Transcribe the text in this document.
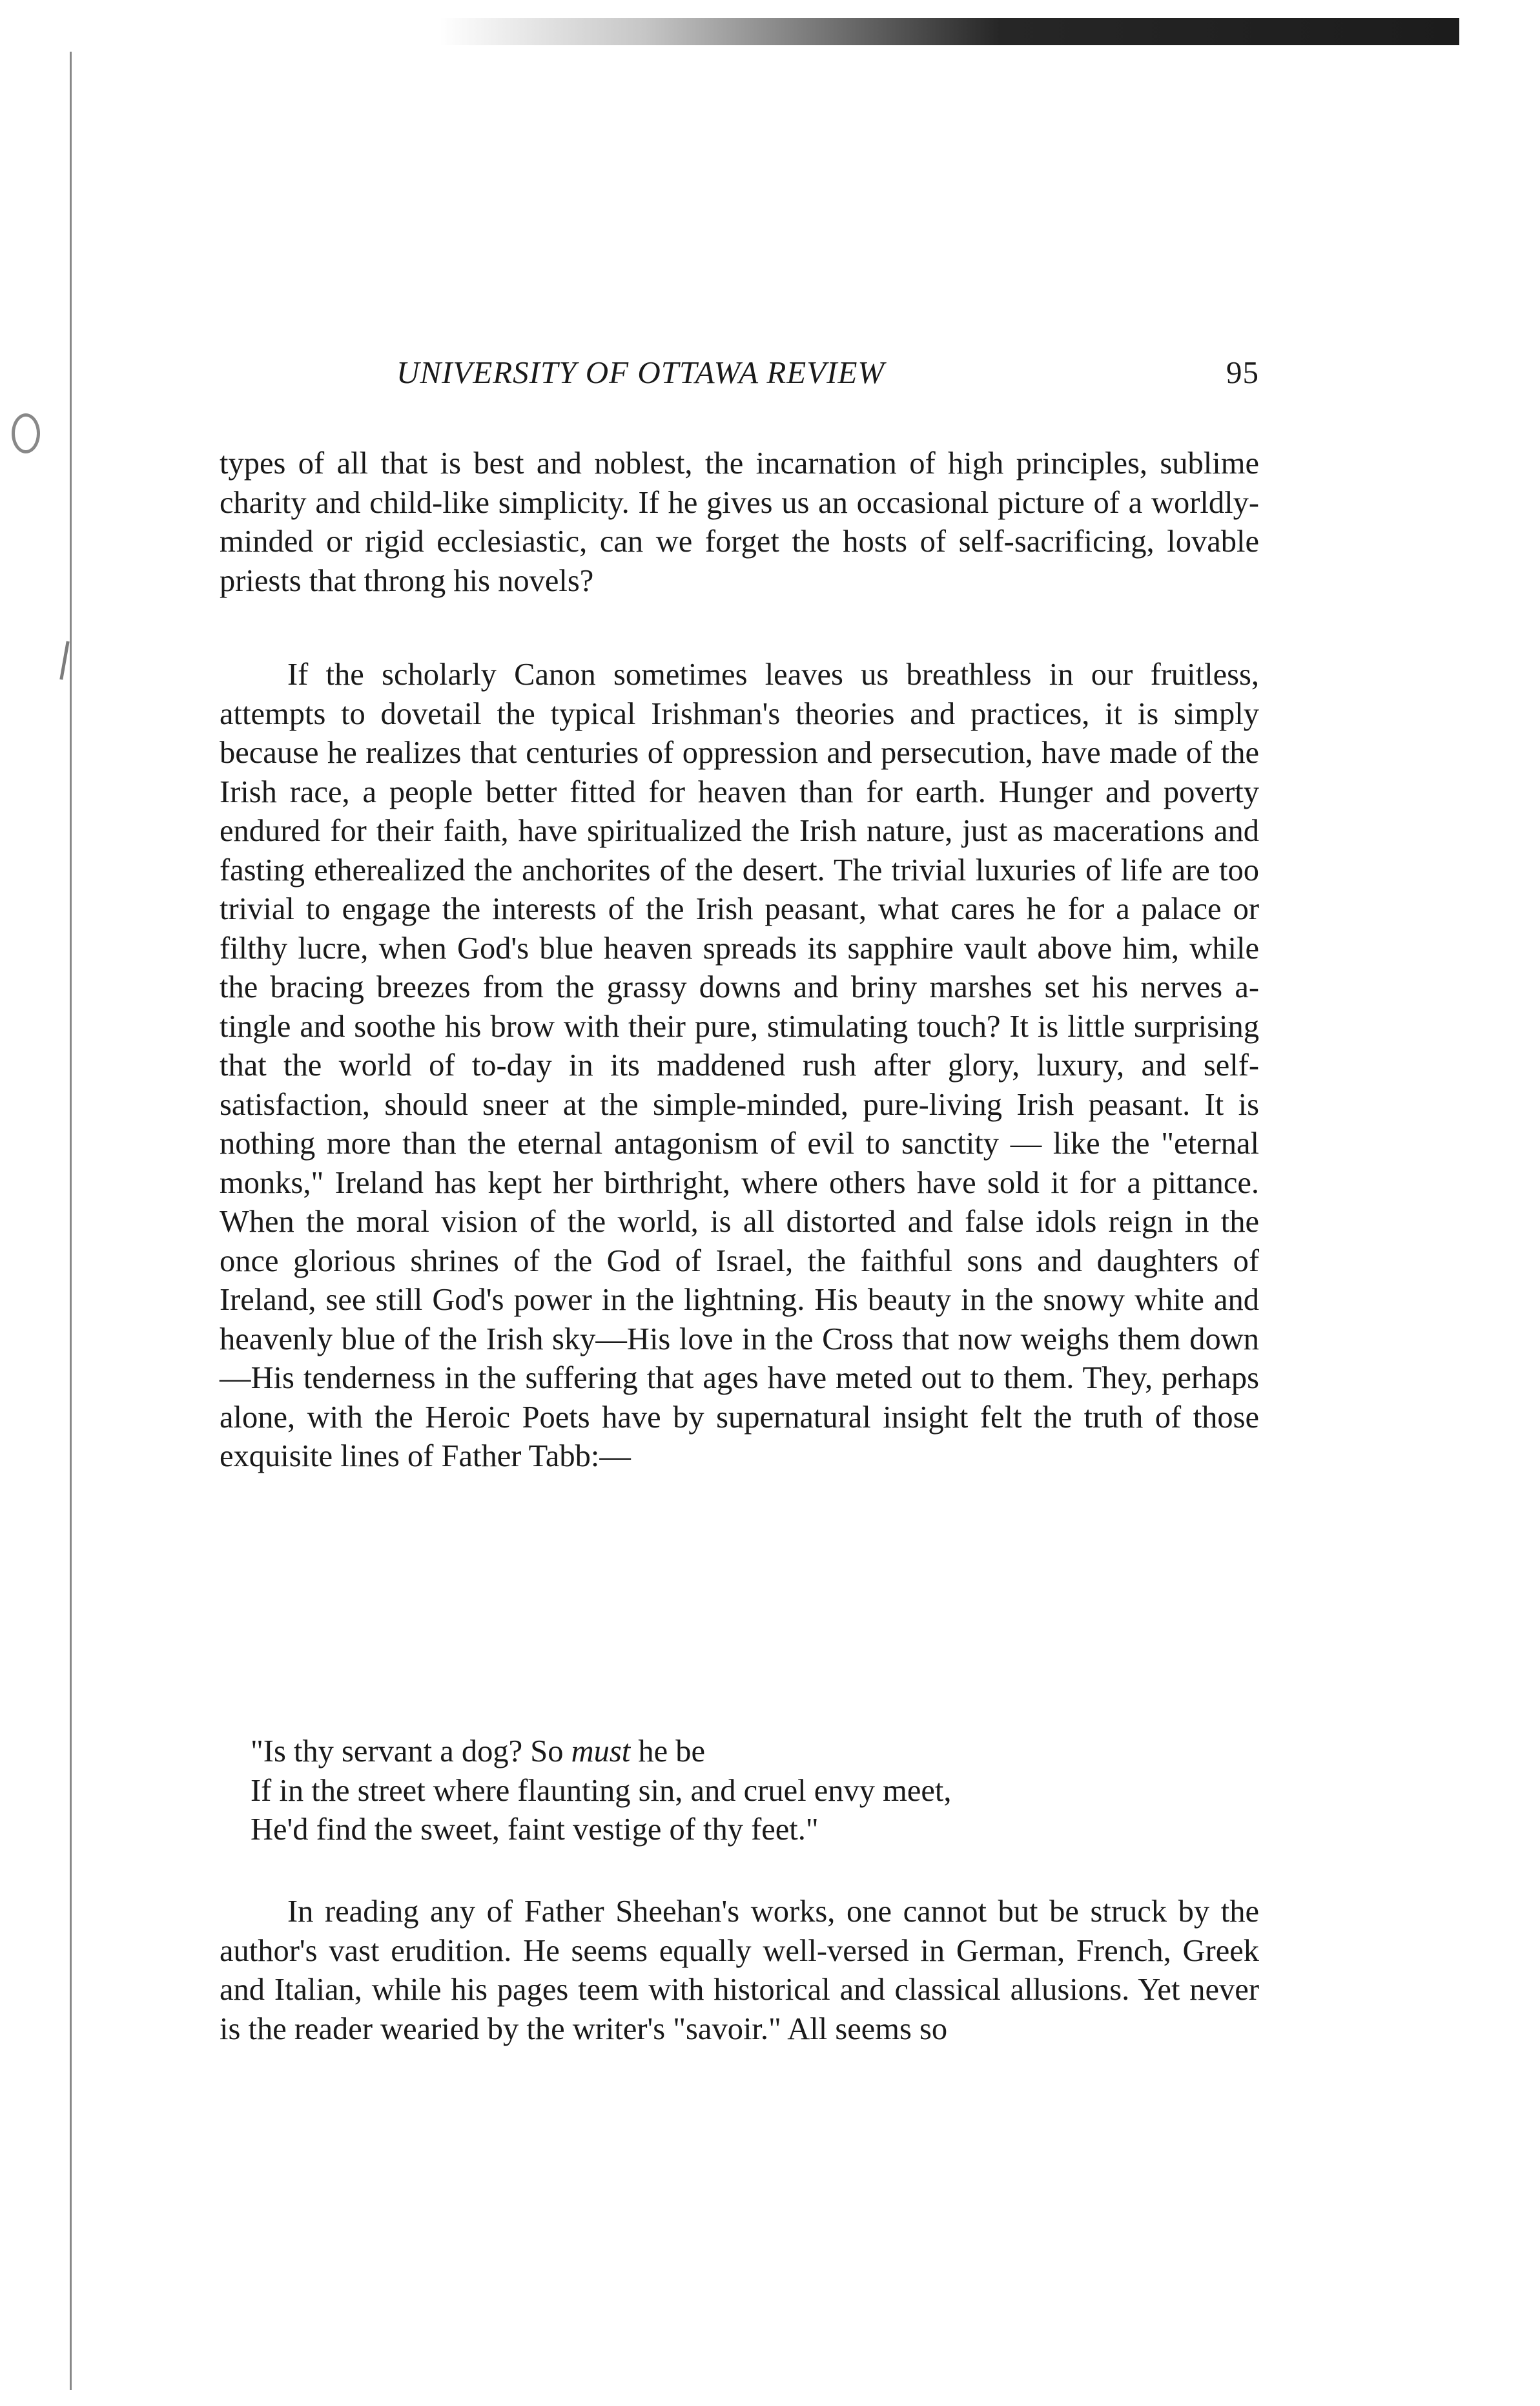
UNIVERSITY OF OTTAWA REVIEW	95

types of all that is best and noblest, the incarnation of high principles, sublime charity and child-like simplicity. If he gives us an occasional picture of a worldly-minded or rigid ecclesiastic, can we forget the hosts of self-sacrificing, lovable priests that throng his novels?

If the scholarly Canon sometimes leaves us breathless in our fruitless, attempts to dovetail the typical Irishman's theories and practices, it is simply because he realizes that centuries of oppression and persecution, have made of the Irish race, a people better fitted for heaven than for earth. Hunger and poverty endured for their faith, have spiritualized the Irish nature, just as macerations and fasting etherealized the anchorites of the desert. The trivial luxuries of life are too trivial to engage the interests of the Irish peasant, what cares he for a palace or filthy lucre, when God's blue heaven spreads its sapphire vault above him, while the bracing breezes from the grassy downs and briny marshes set his nerves a-tingle and soothe his brow with their pure, stimulating touch? It is little surprising that the world of to-day in its maddened rush after glory, luxury, and self-satisfaction, should sneer at the simple-minded, pure-living Irish peasant. It is nothing more than the eternal antagonism of evil to sanctity — like the "eternal monks," Ireland has kept her birthright, where others have sold it for a pittance. When the moral vision of the world, is all distorted and false idols reign in the once glorious shrines of the God of Israel, the faithful sons and daughters of Ireland, see still God's power in the lightning. His beauty in the snowy white and heavenly blue of the Irish sky—His love in the Cross that now weighs them down—His tenderness in the suffering that ages have meted out to them. They, perhaps alone, with the Heroic Poets have by supernatural insight felt the truth of those exquisite lines of Father Tabb:—

"Is thy servant a dog? So must he be
If in the street where flaunting sin, and cruel envy meet,
He'd find the sweet, faint vestige of thy feet."

In reading any of Father Sheehan's works, one cannot but be struck by the author's vast erudition. He seems equally well-versed in German, French, Greek and Italian, while his pages teem with historical and classical allusions. Yet never is the reader wearied by the writer's "savoir." All seems so
